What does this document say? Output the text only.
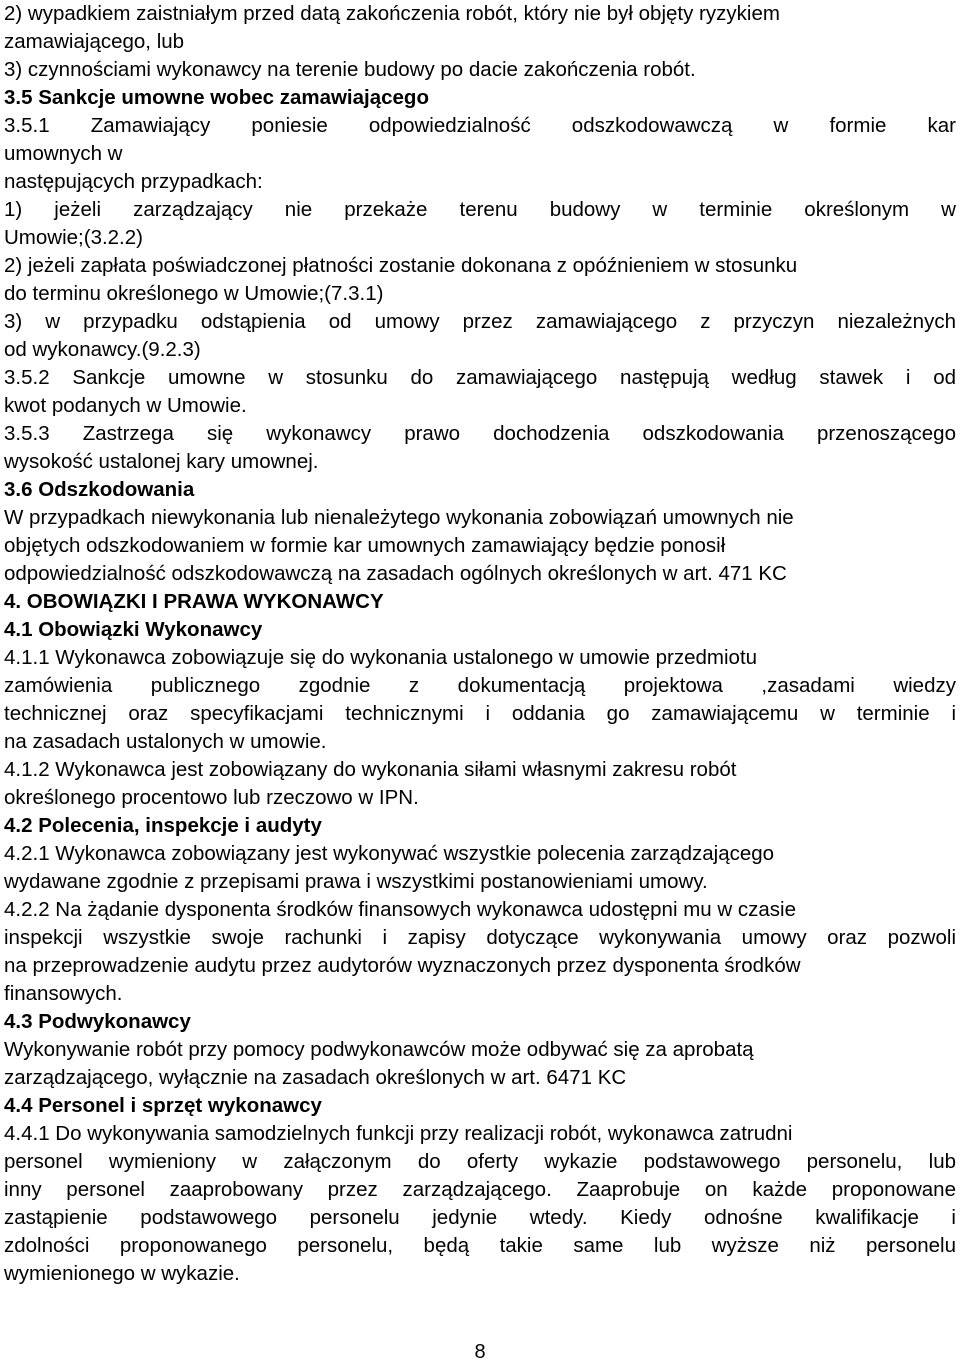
2) wypadkiem zaistniałym przed datą zakończenia robót, który nie był objęty ryzykiem
zamawiającego, lub
3) czynnościami wykonawcy na terenie budowy po dacie zakończenia robót.
3.5 Sankcje umowne wobec zamawiającego
3.5.1 Zamawiający poniesie odpowiedzialność odszkodowawczą w formie kar
umownych w
następujących przypadkach:
1) jeżeli zarządzający nie przekaże terenu budowy w terminie określonym w
Umowie;(3.2.2)
2) jeżeli zapłata poświadczonej płatności zostanie dokonana z opóźnieniem w stosunku
do terminu określonego w Umowie;(7.3.1)
3) w przypadku odstąpienia od umowy przez zamawiającego z przyczyn niezależnych
od wykonawcy.(9.2.3)
3.5.2 Sankcje umowne w stosunku do zamawiającego następują według stawek i od
kwot podanych w Umowie.
3.5.3 Zastrzega się wykonawcy prawo dochodzenia odszkodowania przenoszącego
wysokość ustalonej kary umownej.
3.6 Odszkodowania
W przypadkach niewykonania lub nienależytego wykonania zobowiązań umownych nie
objętych odszkodowaniem w formie kar umownych zamawiający będzie ponosił
odpowiedzialność odszkodowawczą na zasadach ogólnych określonych w art. 471 KC
4. OBOWIĄZKI I PRAWA WYKONAWCY
4.1 Obowiązki Wykonawcy
4.1.1 Wykonawca zobowiązuje się do wykonania ustalonego w umowie przedmiotu
zamówienia publicznego zgodnie z dokumentacją projektowa ,zasadami wiedzy
technicznej oraz specyfikacjami technicznymi i oddania go zamawiającemu w terminie i
na zasadach ustalonych w umowie.
4.1.2 Wykonawca jest zobowiązany do wykonania siłami własnymi zakresu robót
określonego procentowo lub rzeczowo w IPN.
4.2 Polecenia, inspekcje i audyty
4.2.1 Wykonawca zobowiązany jest wykonywać wszystkie polecenia zarządzającego
wydawane zgodnie z przepisami prawa i wszystkimi postanowieniami umowy.
4.2.2 Na żądanie dysponenta środków finansowych wykonawca udostępni mu w czasie
inspekcji wszystkie swoje rachunki i zapisy dotyczące wykonywania umowy oraz pozwoli
na przeprowadzenie audytu przez audytorów wyznaczonych przez dysponenta środków
finansowych.
4.3 Podwykonawcy
Wykonywanie robót przy pomocy podwykonawców może odbywać się za aprobatą
zarządzającego, wyłącznie na zasadach określonych w art. 6471 KC
4.4 Personel i sprzęt wykonawcy
4.4.1 Do wykonywania samodzielnych funkcji przy realizacji robót, wykonawca zatrudni
personel wymieniony w załączonym do oferty wykazie podstawowego personelu, lub
inny personel zaaprobowany przez zarządzającego. Zaaprobuje on każde proponowane
zastąpienie podstawowego personelu jedynie wtedy. Kiedy odnośne kwalifikacje i
zdolności proponowanego personelu, będą takie same lub wyższe niż personelu
wymienionego w wykazie.
8
